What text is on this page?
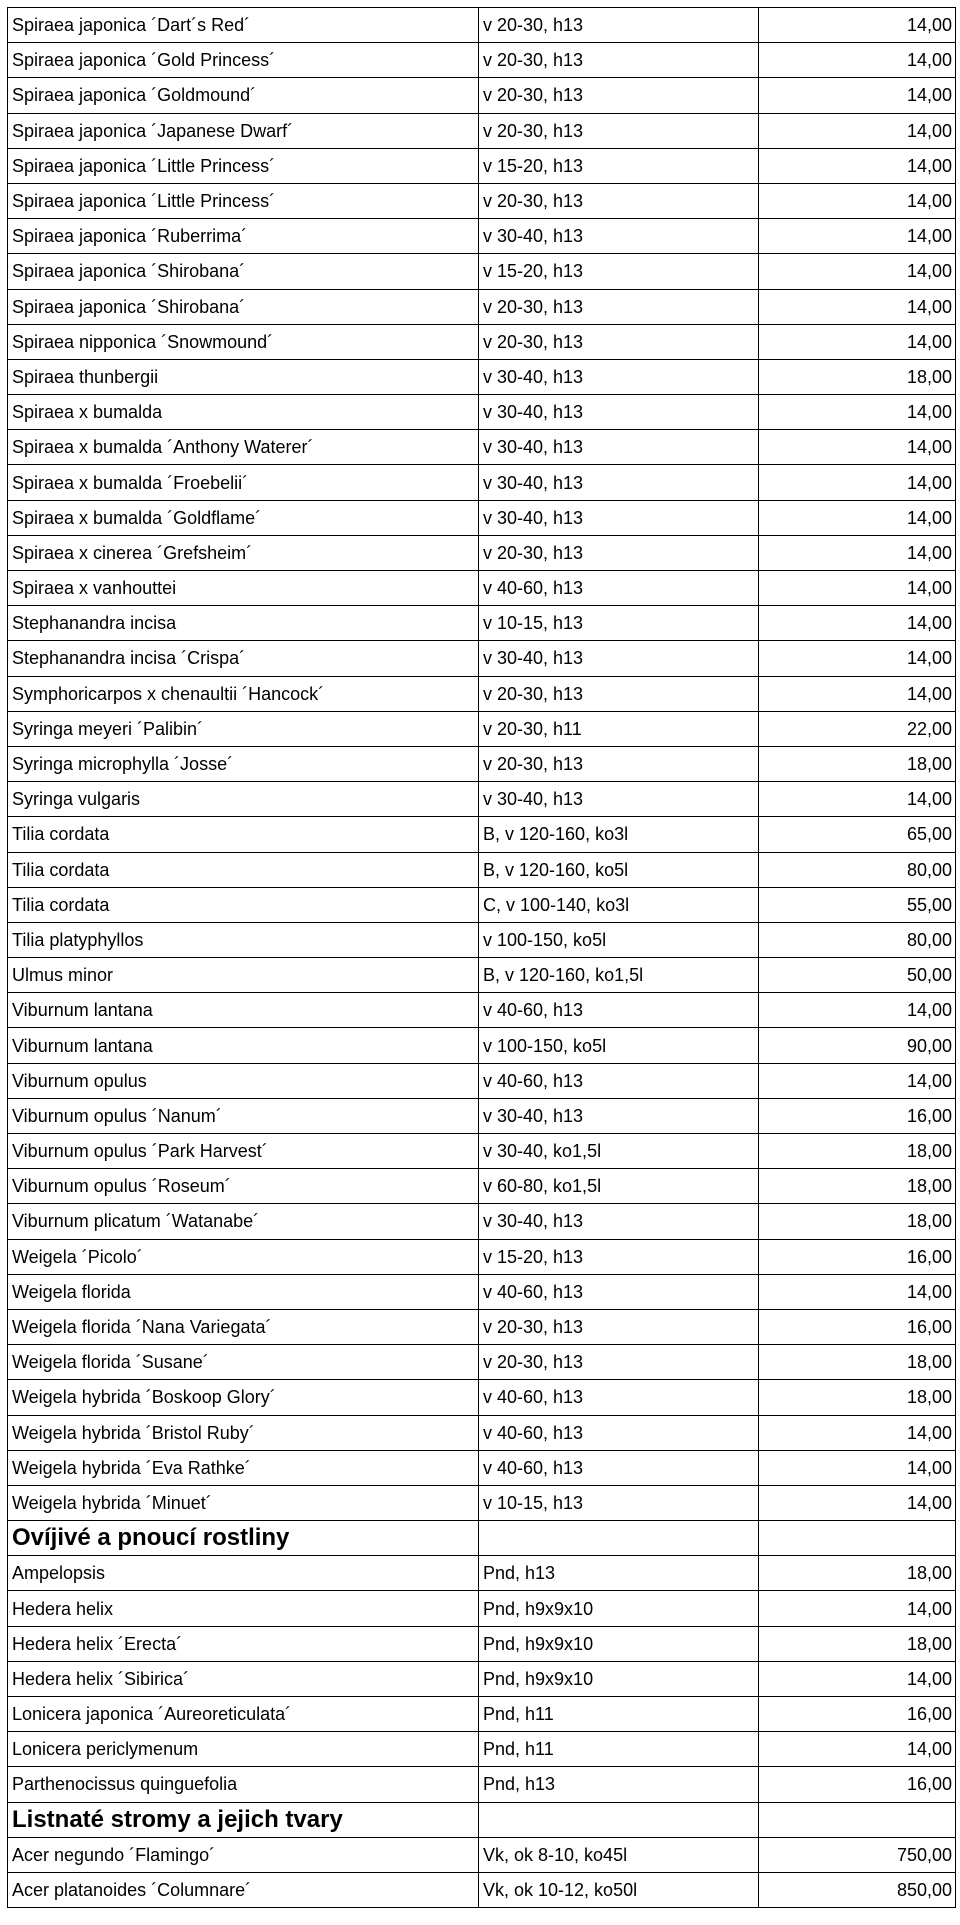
Spiraea japonica ´Dart´s Red´	v 20-30, h13	14,00
Spiraea japonica ´Gold Princess´	v 20-30, h13	14,00
Spiraea japonica ´Goldmound´	v 20-30, h13	14,00
Spiraea japonica ´Japanese Dwarf´	v 20-30, h13	14,00
Spiraea japonica ´Little Princess´	v 15-20, h13	14,00
Spiraea japonica ´Little Princess´	v 20-30, h13	14,00
Spiraea japonica ´Ruberrima´	v 30-40, h13	14,00
Spiraea japonica ´Shirobana´	v 15-20, h13	14,00
Spiraea japonica ´Shirobana´	v 20-30, h13	14,00
Spiraea nipponica ´Snowmound´	v 20-30, h13	14,00
Spiraea thunbergii	v 30-40, h13	18,00
Spiraea x bumalda	v 30-40, h13	14,00
Spiraea x bumalda ´Anthony Waterer´	v 30-40, h13	14,00
Spiraea x bumalda ´Froebelii´	v 30-40, h13	14,00
Spiraea x bumalda ´Goldflame´	v 30-40, h13	14,00
Spiraea x cinerea ´Grefsheim´	v 20-30, h13	14,00
Spiraea x vanhouttei	v 40-60, h13	14,00
Stephanandra incisa	v 10-15, h13	14,00
Stephanandra incisa ´Crispa´	v 30-40, h13	14,00
Symphoricarpos x chenaultii ´Hancock´	v 20-30, h13	14,00
Syringa meyeri ´Palibin´	v 20-30, h11	22,00
Syringa microphylla ´Josse´	v 20-30, h13	18,00
Syringa vulgaris	v 30-40, h13	14,00
Tilia cordata	B, v 120-160, ko3l	65,00
Tilia cordata	B, v 120-160, ko5l	80,00
Tilia cordata	C, v 100-140, ko3l	55,00
Tilia platyphyllos	v 100-150, ko5l	80,00
Ulmus minor	B, v 120-160, ko1,5l	50,00
Viburnum lantana	v 40-60, h13	14,00
Viburnum lantana	v 100-150, ko5l	90,00
Viburnum opulus	v 40-60, h13	14,00
Viburnum opulus ´Nanum´	v 30-40, h13	16,00
Viburnum opulus ´Park Harvest´	v 30-40, ko1,5l	18,00
Viburnum opulus ´Roseum´	v 60-80, ko1,5l	18,00
Viburnum plicatum ´Watanabe´	v 30-40, h13	18,00
Weigela ´Picolo´	v 15-20, h13	16,00
Weigela florida	v 40-60, h13	14,00
Weigela florida ´Nana Variegata´	v 20-30, h13	16,00
Weigela florida ´Susane´	v 20-30, h13	18,00
Weigela hybrida ´Boskoop Glory´	v 40-60, h13	18,00
Weigela hybrida ´Bristol Ruby´	v 40-60, h13	14,00
Weigela hybrida ´Eva Rathke´	v 40-60, h13	14,00
Weigela hybrida ´Minuet´	v 10-15, h13	14,00
Ovíjivé a pnoucí rostliny		
Ampelopsis	Pnd, h13	18,00
Hedera helix	Pnd, h9x9x10	14,00
Hedera helix ´Erecta´	Pnd, h9x9x10	18,00
Hedera helix ´Sibirica´	Pnd, h9x9x10	14,00
Lonicera japonica ´Aureoreticulata´	Pnd, h11	16,00
Lonicera periclymenum	Pnd, h11	14,00
Parthenocissus quinguefolia	Pnd, h13	16,00
Listnaté stromy a jejich tvary		
Acer negundo ´Flamingo´	Vk, ok 8-10, ko45l	750,00
Acer platanoides ´Columnare´	Vk, ok 10-12, ko50l	850,00
